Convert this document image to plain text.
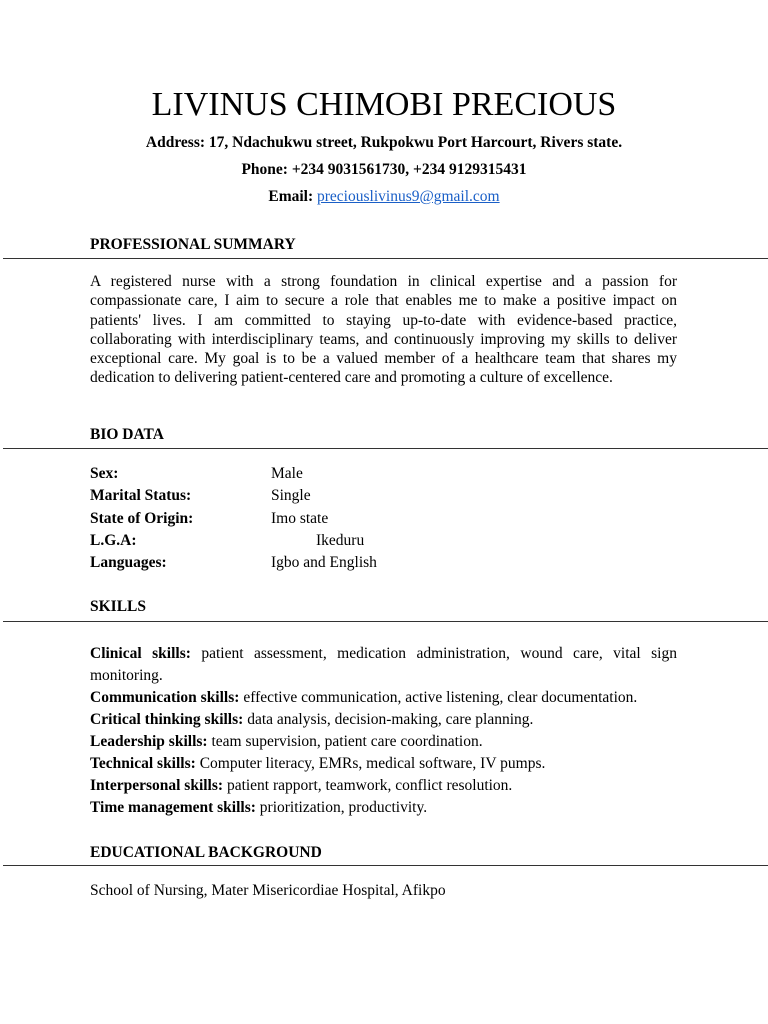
LIVINUS CHIMOBI PRECIOUS

Address: 17, Ndachukwu street, Rukpokwu Port Harcourt, Rivers state.

Phone: +234 9031561730, +234 9129315431

Email: preciouslivinus9@gmail.com

PROFESSIONAL SUMMARY

A registered nurse with a strong foundation in clinical expertise and a passion for compassionate care, I aim to secure a role that enables me to make a positive impact on patients' lives. I am committed to staying up-to-date with evidence-based practice, collaborating with interdisciplinary teams, and continuously improving my skills to deliver exceptional care. My goal is to be a valued member of a healthcare team that shares my dedication to delivering patient-centered care and promoting a culture of excellence.

BIO DATA
Sex:	Male
Marital Status:	Single
State of Origin:	Imo state
L.G.A:	Ikeduru
Languages:	Igbo and English
SKILLS

Clinical skills: patient assessment, medication administration, wound care, vital sign monitoring.

Communication skills: effective communication, active listening, clear documentation.

Critical thinking skills: data analysis, decision-making, care planning.

Leadership skills: team supervision, patient care coordination.

Technical skills: Computer literacy, EMRs, medical software, IV pumps.

Interpersonal skills: patient rapport, teamwork, conflict resolution.

Time management skills: prioritization, productivity.

EDUCATIONAL BACKGROUND

School of Nursing, Mater Misericordiae Hospital, Afikpo
